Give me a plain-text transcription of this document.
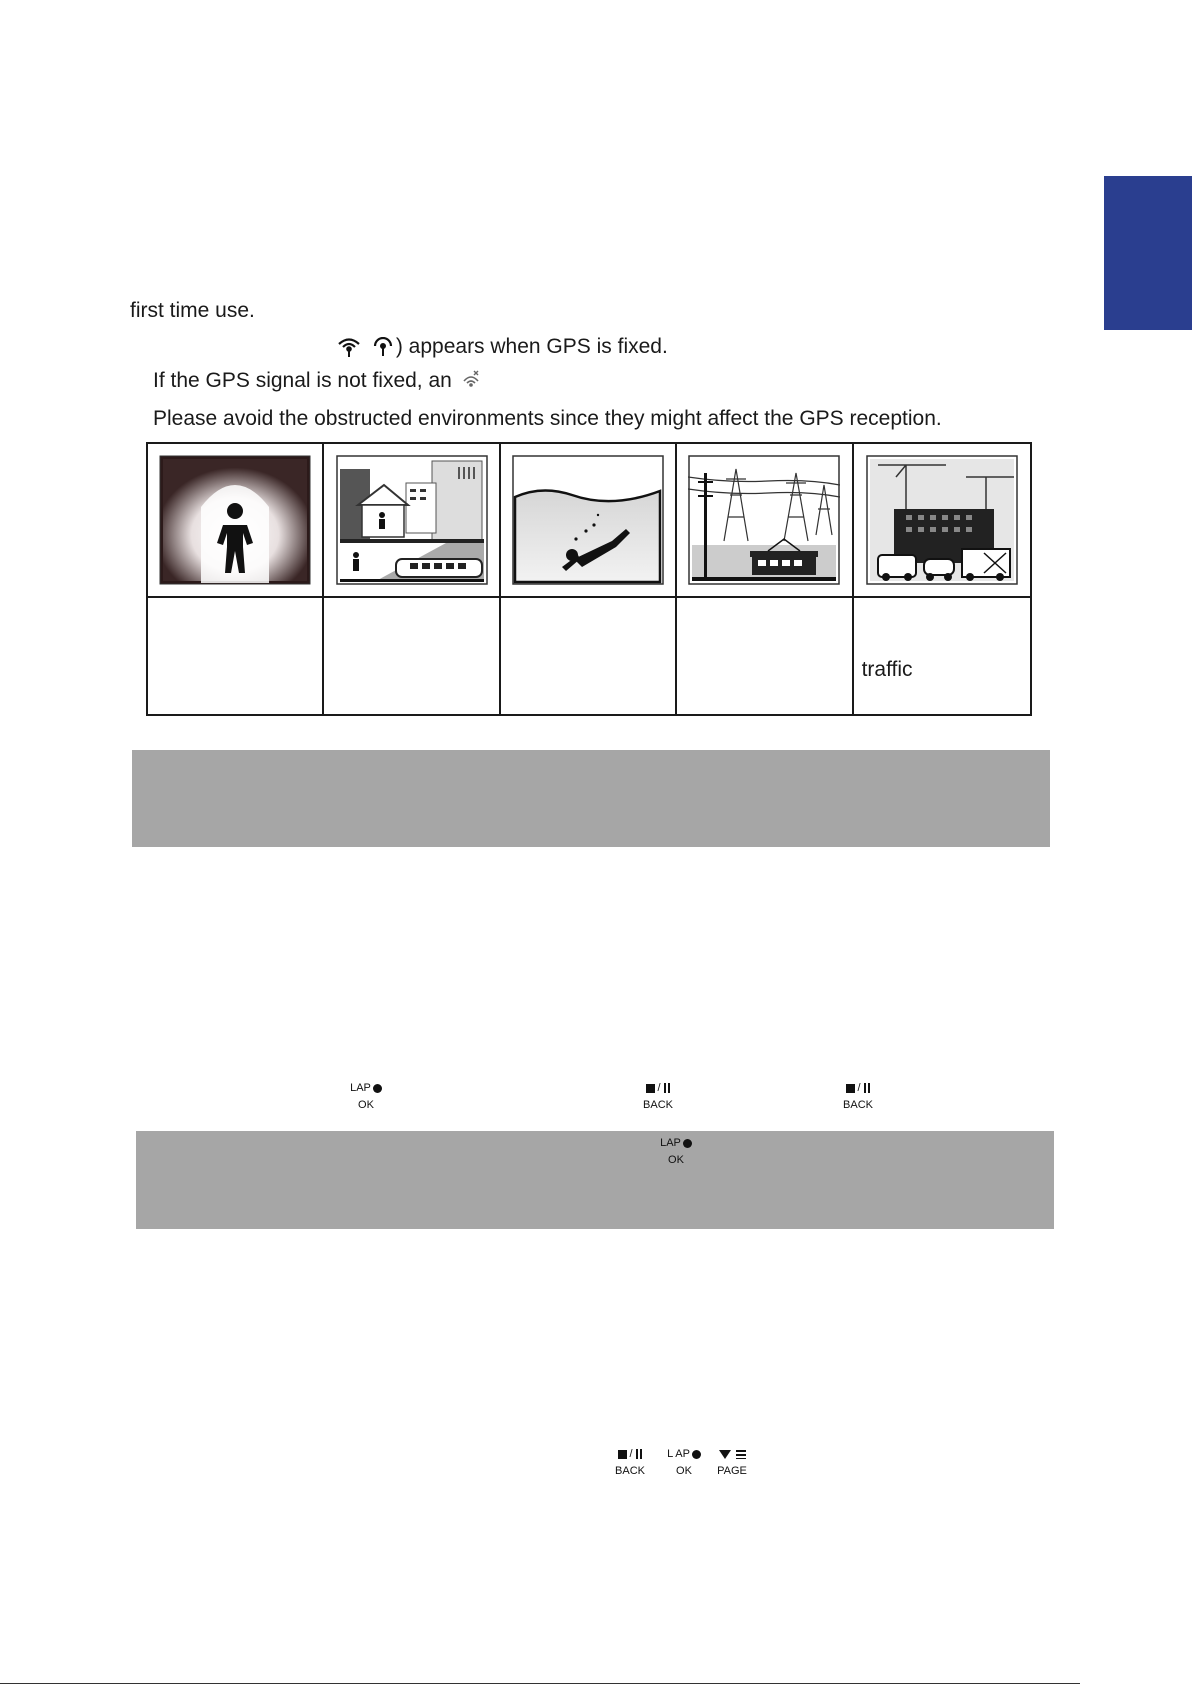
first time use.
) appears when GPS is fixed.
If the GPS signal is not fixed, an
Please avoid the obstructed environments since they might affect the GPS reception.
traffic
LAP
OK
/
BACK
/
BACK
LAP
OK
/
BACK
L AP
OK	PAGE
